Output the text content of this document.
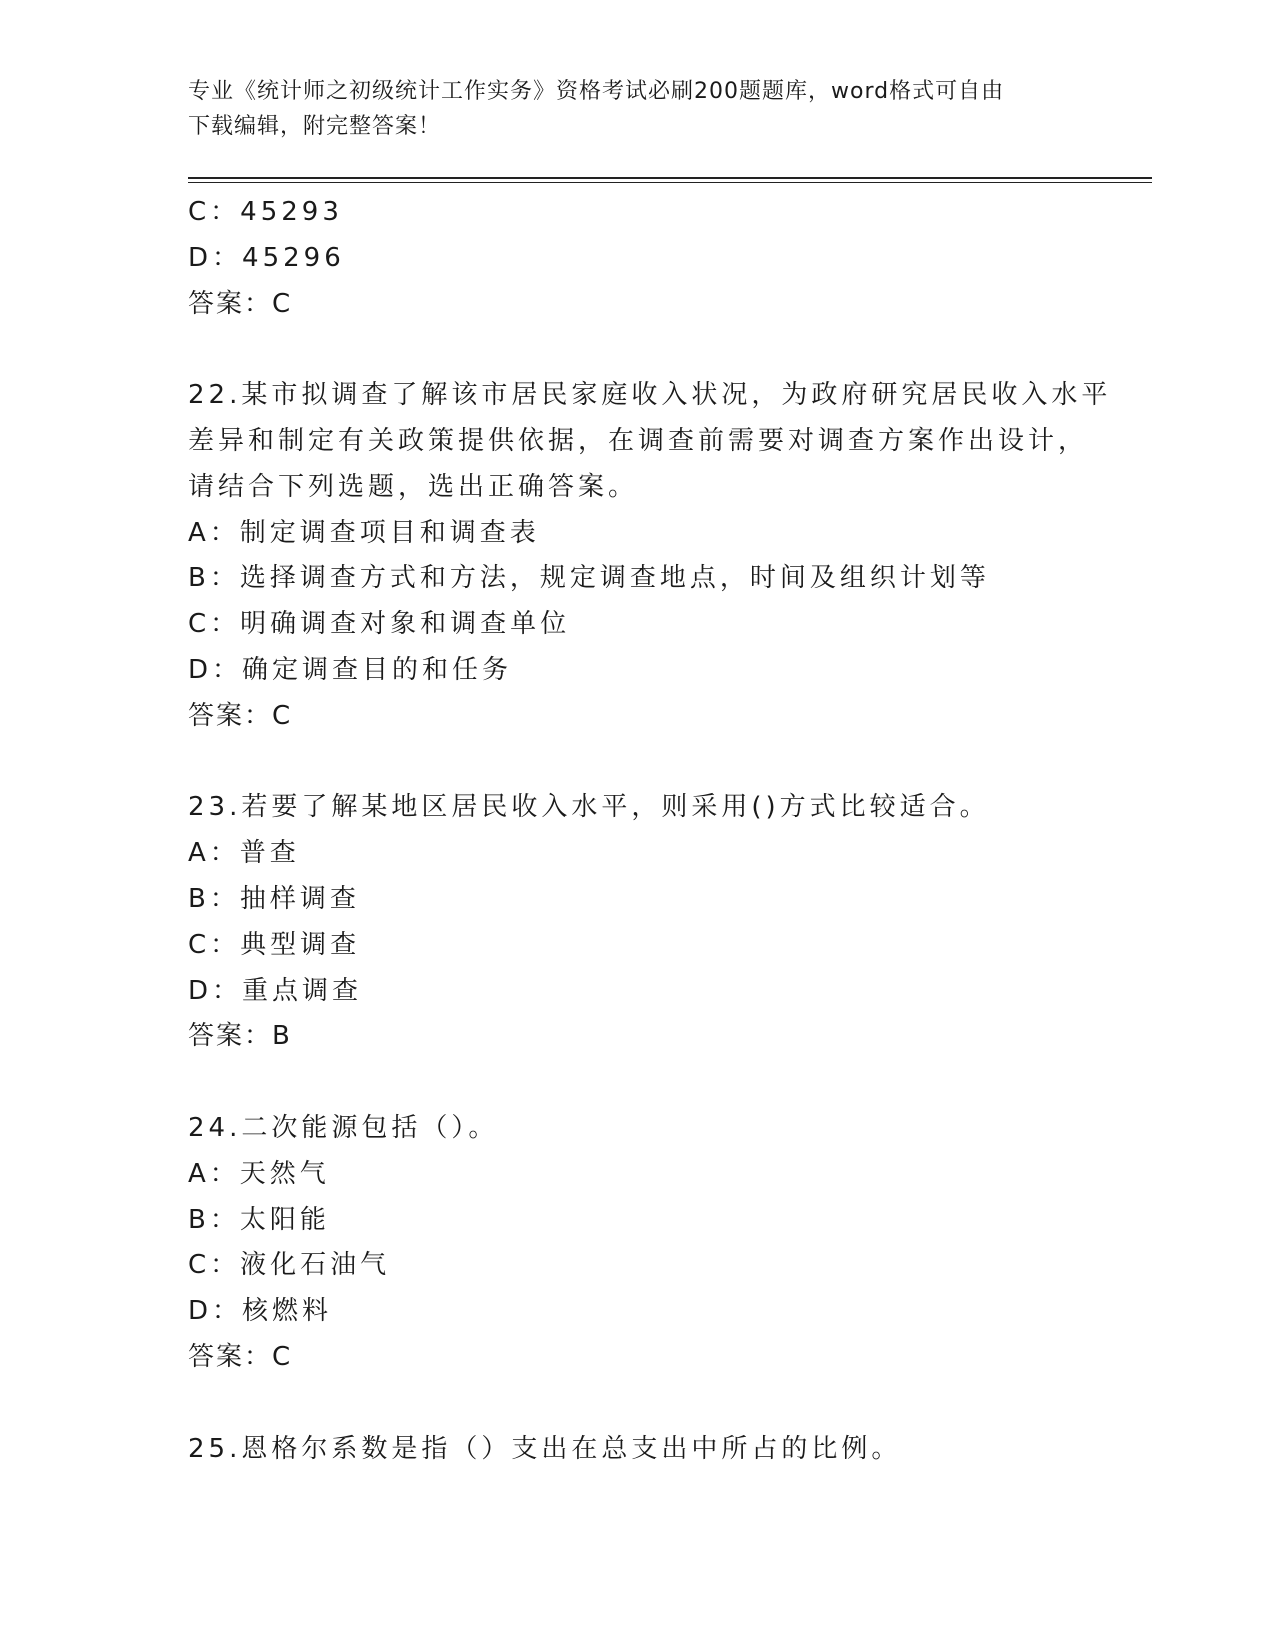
专业《统计师之初级统计工作实务》资格考试必刷200题题库，word格式可自由
下载编辑，附完整答案！
C：45293
D：45296
答案：C
22.某市拟调查了解该市居民家庭收入状况，为政府研究居民收入水平
差异和制定有关政策提供依据，在调查前需要对调查方案作出设计，
请结合下列选题，选出正确答案。
A：制定调查项目和调查表
B：选择调查方式和方法，规定调查地点，时间及组织计划等
C：明确调查对象和调查单位
D：确定调查目的和任务
答案：C
23.若要了解某地区居民收入水平，则采用()方式比较适合。
A：普查
B：抽样调查
C：典型调查
D：重点调查
答案：B
24.二次能源包括（）。
A：天然气
B：太阳能
C：液化石油气
D：核燃料
答案：C
25.恩格尔系数是指（）支出在总支出中所占的比例。
